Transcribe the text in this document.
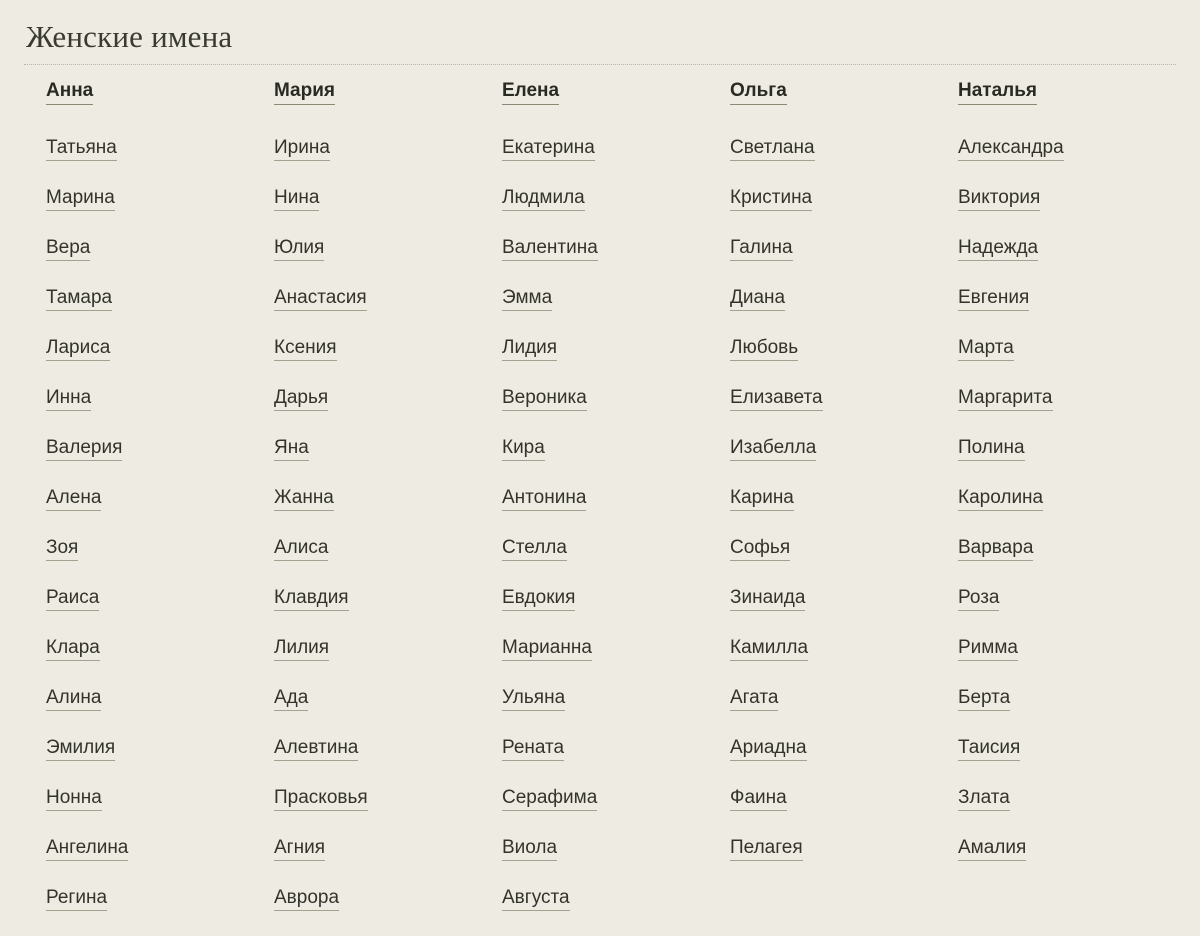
Женские имена
Анна
Татьяна
Марина
Вера
Тамара
Лариса
Инна
Валерия
Алена
Зоя
Раиса
Клара
Алина
Эмилия
Нонна
Ангелина
Регина
Мария
Ирина
Нина
Юлия
Анастасия
Ксения
Дарья
Яна
Жанна
Алиса
Клавдия
Лилия
Ада
Алевтина
Прасковья
Агния
Аврора
Елена
Екатерина
Людмила
Валентина
Эмма
Лидия
Вероника
Кира
Антонина
Стелла
Евдокия
Марианна
Ульяна
Рената
Серафима
Виола
Августа
Ольга
Светлана
Кристина
Галина
Диана
Любовь
Елизавета
Изабелла
Карина
Софья
Зинаида
Камилла
Агата
Ариадна
Фаина
Пелагея
Наталья
Александра
Виктория
Надежда
Евгения
Марта
Маргарита
Полина
Каролина
Варвара
Роза
Римма
Берта
Таисия
Злата
Амалия
